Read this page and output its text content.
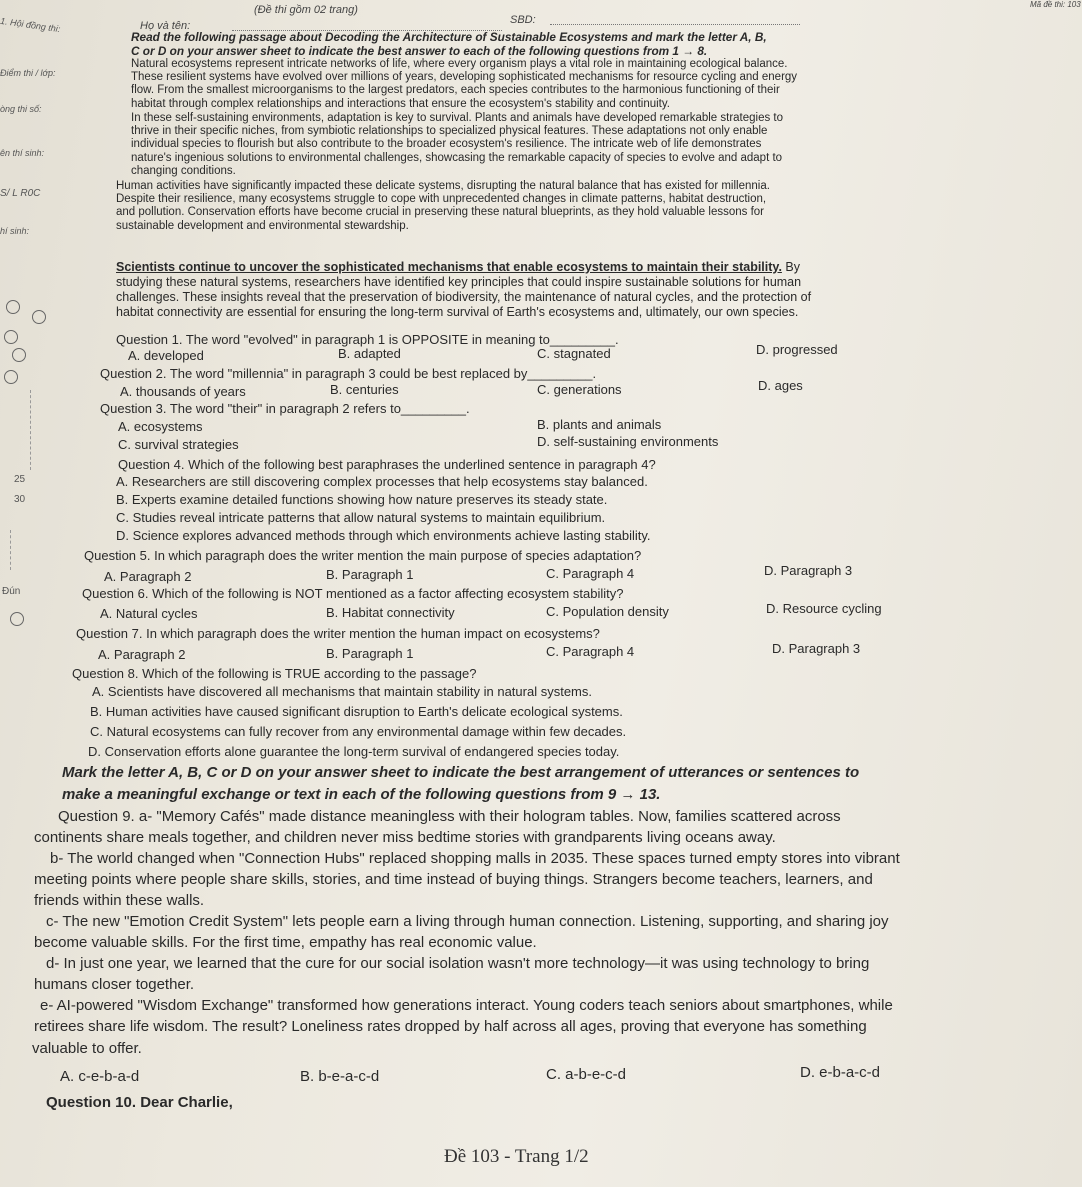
1. Hội đồng thi:
Điểm thi / lớp:
òng thi số:
ên thí sinh:
S/ L R0C
hí sinh:
25
30
Đún
(Đề thi gồm 02 trang)
Họ và tên:	SBD:
Mã đề thi: 103
Read the following passage about Decoding the Architecture of Sustainable Ecosystems and mark the letter A, B,
C or D on your answer sheet to indicate the best answer to each of the following questions from 1 → 8.
Natural ecosystems represent intricate networks of life, where every organism plays a vital role in maintaining ecological balance.
These resilient systems have evolved over millions of years, developing sophisticated mechanisms for resource cycling and energy
flow. From the smallest microorganisms to the largest predators, each species contributes to the harmonious functioning of their
habitat through complex relationships and interactions that ensure the ecosystem's stability and continuity.
In these self-sustaining environments, adaptation is key to survival. Plants and animals have developed remarkable strategies to
thrive in their specific niches, from symbiotic relationships to specialized physical features. These adaptations not only enable
individual species to flourish but also contribute to the broader ecosystem's resilience. The intricate web of life demonstrates
nature's ingenious solutions to environmental challenges, showcasing the remarkable capacity of species to evolve and adapt to
changing conditions.
Human activities have significantly impacted these delicate systems, disrupting the natural balance that has existed for millennia.
Despite their resilience, many ecosystems struggle to cope with unprecedented changes in climate patterns, habitat destruction,
and pollution. Conservation efforts have become crucial in preserving these natural blueprints, as they hold valuable lessons for
sustainable development and environmental stewardship.
Scientists continue to uncover the sophisticated mechanisms that enable ecosystems to maintain their stability. By
studying these natural systems, researchers have identified key principles that could inspire sustainable solutions for human
challenges. These insights reveal that the preservation of biodiversity, the maintenance of natural cycles, and the protection of
habitat connectivity are essential for ensuring the long-term survival of Earth's ecosystems and, ultimately, our own species.
Question 1. The word "evolved" in paragraph 1 is OPPOSITE in meaning to_________.
A. developed	B. adapted	C. stagnated	D. progressed
Question 2. The word "millennia" in paragraph 3 could be best replaced by_________.
A. thousands of years	B. centuries	C. generations	D. ages
Question 3. The word "their" in paragraph 2 refers to_________.
A. ecosystems	B. plants and animals
C. survival strategies	D. self-sustaining environments
Question 4. Which of the following best paraphrases the underlined sentence in paragraph 4?
A. Researchers are still discovering complex processes that help ecosystems stay balanced.
B. Experts examine detailed functions showing how nature preserves its steady state.
C. Studies reveal intricate patterns that allow natural systems to maintain equilibrium.
D. Science explores advanced methods through which environments achieve lasting stability.
Question 5. In which paragraph does the writer mention the main purpose of species adaptation?
A. Paragraph 2	B. Paragraph 1	C. Paragraph 4	D. Paragraph 3
Question 6. Which of the following is NOT mentioned as a factor affecting ecosystem stability?
A. Natural cycles	B. Habitat connectivity	C. Population density	D. Resource cycling
Question 7. In which paragraph does the writer mention the human impact on ecosystems?
A. Paragraph 2	B. Paragraph 1	C. Paragraph 4	D. Paragraph 3
Question 8. Which of the following is TRUE according to the passage?
A. Scientists have discovered all mechanisms that maintain stability in natural systems.
B. Human activities have caused significant disruption to Earth's delicate ecological systems.
C. Natural ecosystems can fully recover from any environmental damage within few decades.
D. Conservation efforts alone guarantee the long-term survival of endangered species today.
Mark the letter A, B, C or D on your answer sheet to indicate the best arrangement of utterances or sentences to
make a meaningful exchange or text in each of the following questions from 9 → 13.
Question 9. a- "Memory Cafés" made distance meaningless with their hologram tables. Now, families scattered across
continents share meals together, and children never miss bedtime stories with grandparents living oceans away.
b- The world changed when "Connection Hubs" replaced shopping malls in 2035. These spaces turned empty stores into vibrant
meeting points where people share skills, stories, and time instead of buying things. Strangers become teachers, learners, and
friends within these walls.
c- The new "Emotion Credit System" lets people earn a living through human connection. Listening, supporting, and sharing joy
become valuable skills. For the first time, empathy has real economic value.
d- In just one year, we learned that the cure for our social isolation wasn't more technology—it was using technology to bring
humans closer together.
e- AI-powered "Wisdom Exchange" transformed how generations interact. Young coders teach seniors about smartphones, while
retirees share life wisdom. The result? Loneliness rates dropped by half across all ages, proving that everyone has something
valuable to offer.
A. c-e-b-a-d	B. b-e-a-c-d	C. a-b-e-c-d	D. e-b-a-c-d
Question 10. Dear Charlie,
Đề 103 - Trang 1/2
